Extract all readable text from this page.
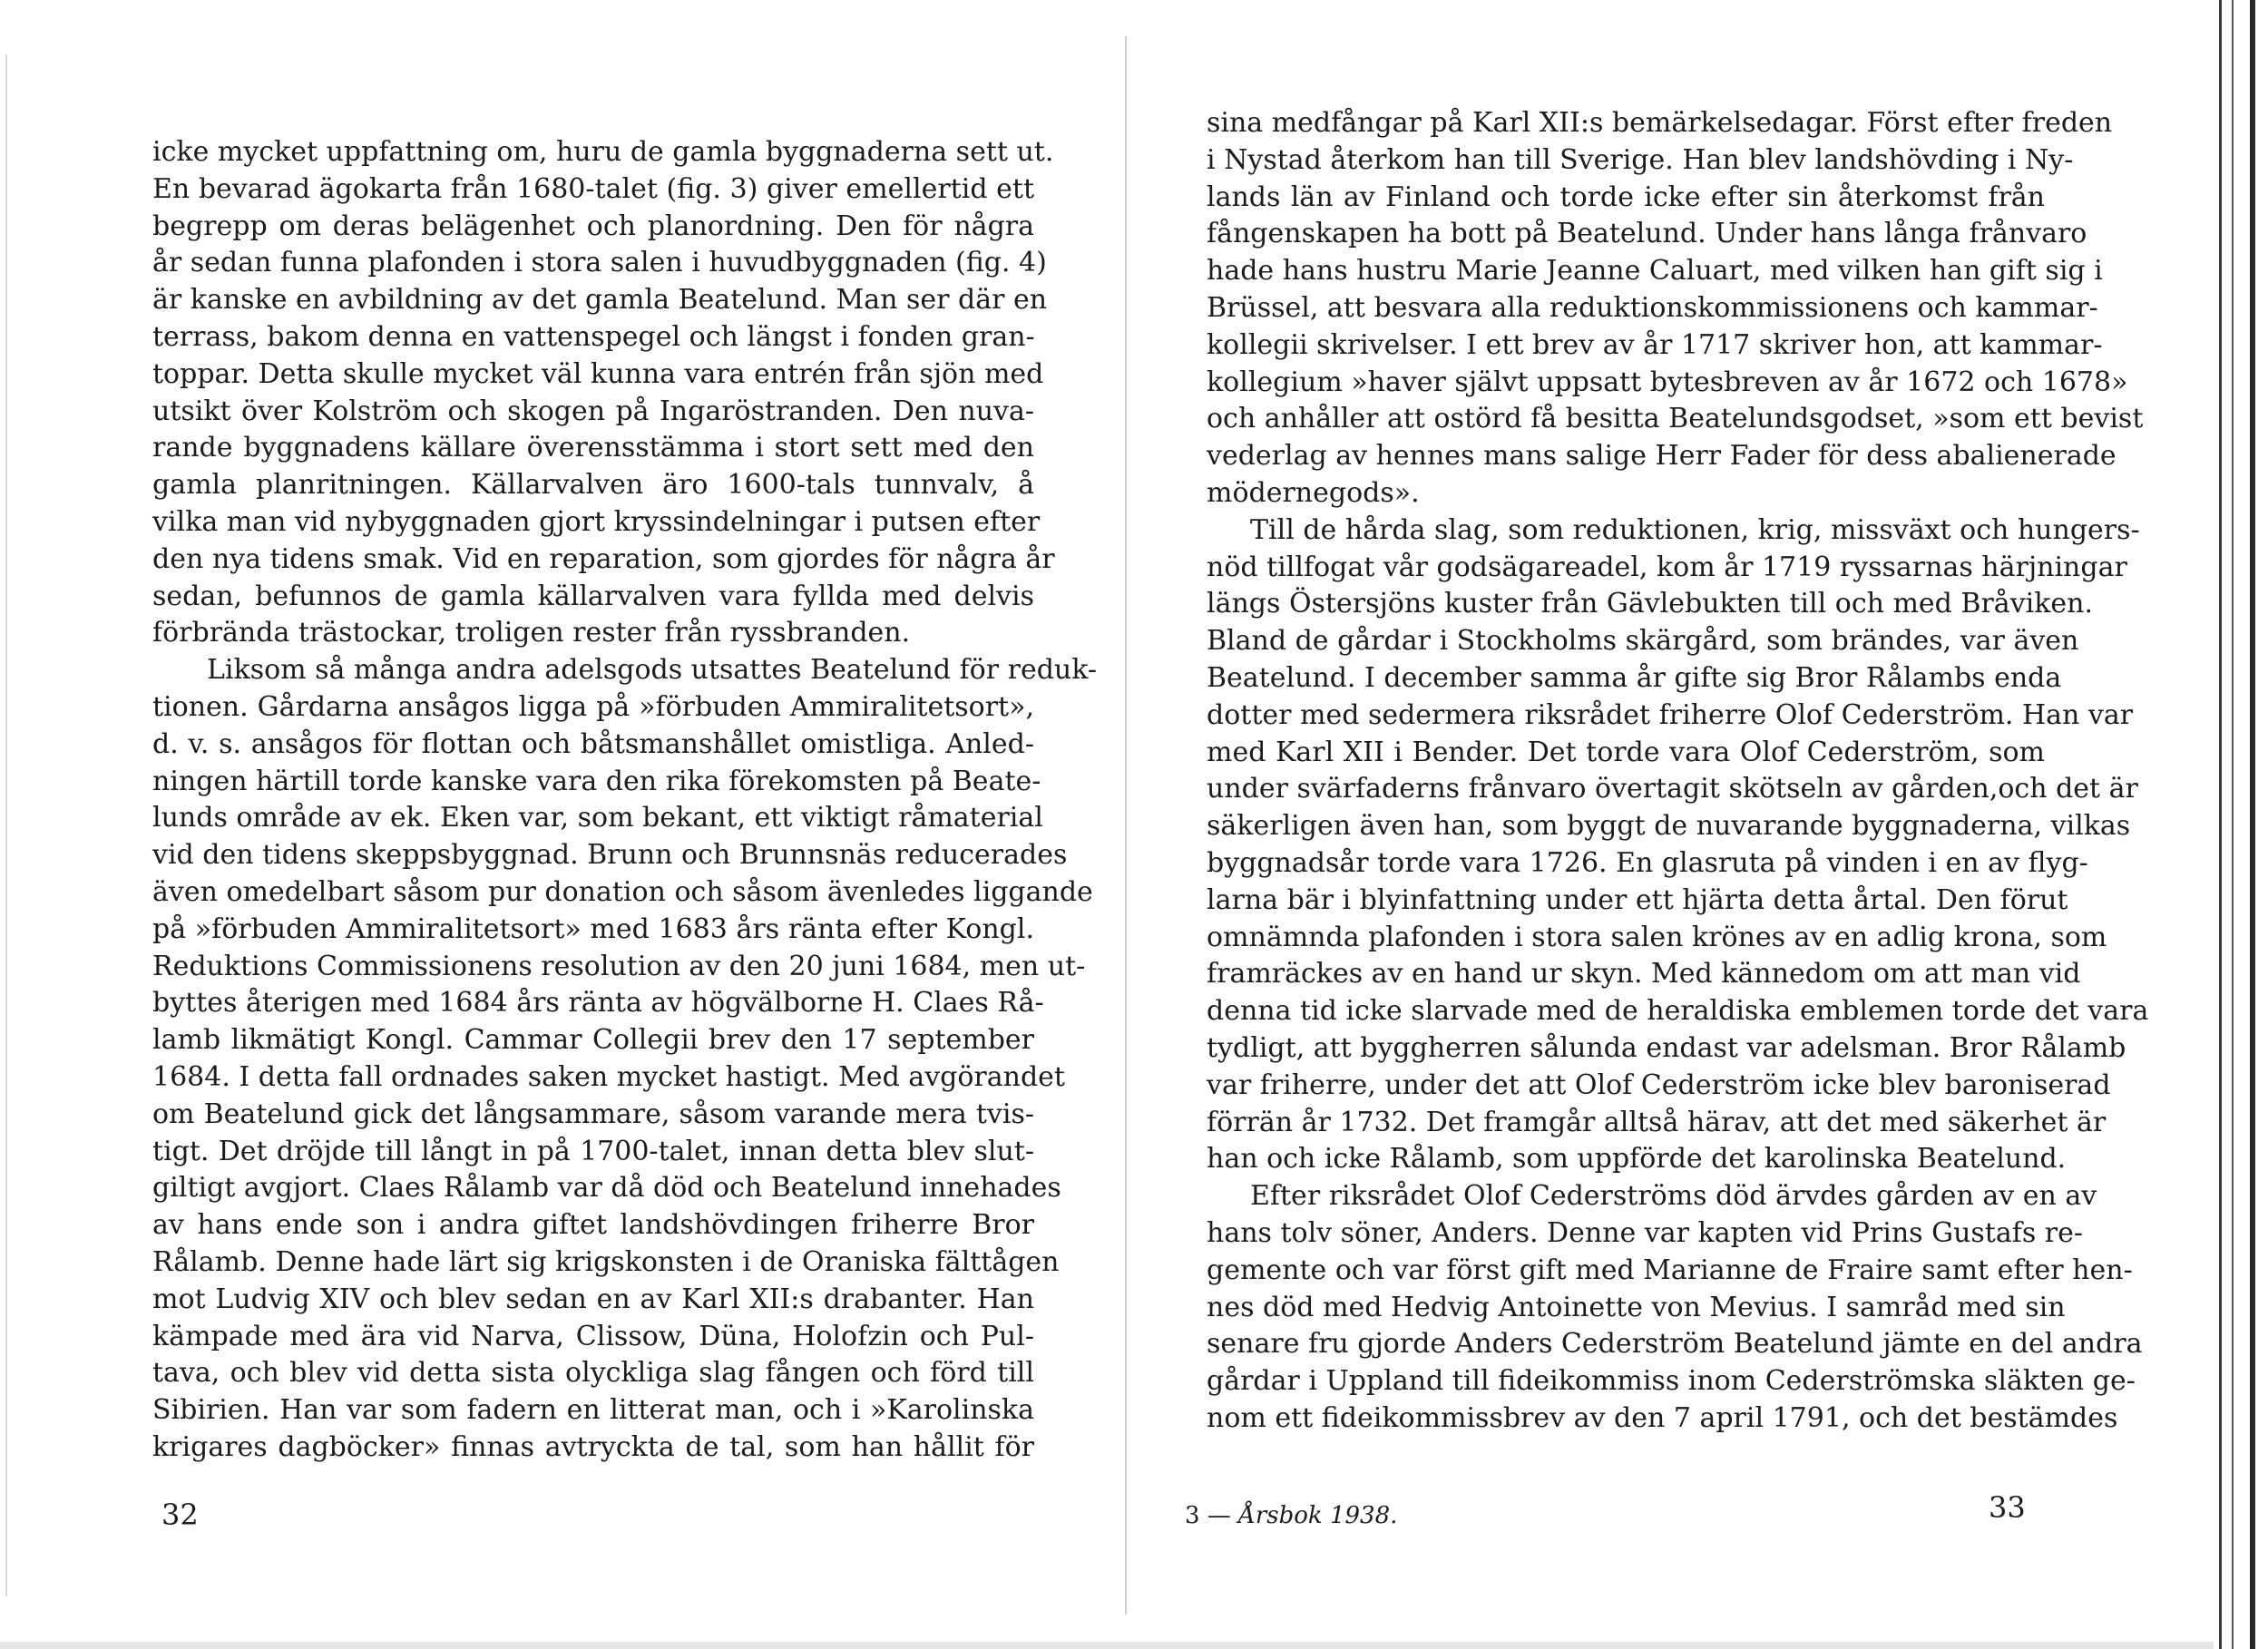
icke mycket uppfattning om, huru de gamla byggnaderna sett ut.
En bevarad ägokarta från 1680-talet (fig. 3) giver emellertid ett
begrepp om deras belägenhet och planordning. Den för några
år sedan funna plafonden i stora salen i huvudbyggnaden (fig. 4)
är kanske en avbildning av det gamla Beatelund. Man ser där en
terrass, bakom denna en vattenspegel och längst i fonden gran-
toppar. Detta skulle mycket väl kunna vara entrén från sjön med
utsikt över Kolström och skogen på Ingaröstranden. Den nuva-
rande byggnadens källare överensstämma i stort sett med den
gamla planritningen. Källarvalven äro 1600-tals tunnvalv, å
vilka man vid nybyggnaden gjort kryssindelningar i putsen efter
den nya tidens smak. Vid en reparation, som gjordes för några år
sedan, befunnos de gamla källarvalven vara fyllda med delvis
förbrända trästockar, troligen rester från ryssbranden.
Liksom så många andra adelsgods utsattes Beatelund för reduk-
tionen. Gårdarna ansågos ligga på »förbuden Ammiralitetsort»,
d. v. s. ansågos för flottan och båtsmanshållet omistliga. Anled-
ningen härtill torde kanske vara den rika förekomsten på Beate-
lunds område av ek. Eken var, som bekant, ett viktigt råmaterial
vid den tidens skeppsbyggnad. Brunn och Brunnsnäs reducerades
även omedelbart såsom pur donation och såsom ävenledes liggande
på »förbuden Ammiralitetsort» med 1683 års ränta efter Kongl.
Reduktions Commissionens resolution av den 20 juni 1684, men ut-
byttes återigen med 1684 års ränta av högvälborne H. Claes Rå-
lamb likmätigt Kongl. Cammar Collegii brev den 17 september
1684. I detta fall ordnades saken mycket hastigt. Med avgörandet
om Beatelund gick det långsammare, såsom varande mera tvis-
tigt. Det dröjde till långt in på 1700-talet, innan detta blev slut-
giltigt avgjort. Claes Rålamb var då död och Beatelund innehades
av hans ende son i andra giftet landshövdingen friherre Bror
Rålamb. Denne hade lärt sig krigskonsten i de Oraniska fälttågen
mot Ludvig XIV och blev sedan en av Karl XII:s drabanter. Han
kämpade med ära vid Narva, Clissow, Düna, Holofzin och Pul-
tava, och blev vid detta sista olyckliga slag fången och förd till
Sibirien. Han var som fadern en litterat man, och i »Karolinska
krigares dagböcker» finnas avtryckta de tal, som han hållit för
32
sina medfångar på Karl XII:s bemärkelsedagar. Först efter freden
i Nystad återkom han till Sverige. Han blev landshövding i Ny-
lands län av Finland och torde icke efter sin återkomst från
fångenskapen ha bott på Beatelund. Under hans långa frånvaro
hade hans hustru Marie Jeanne Caluart, med vilken han gift sig i
Brüssel, att besvara alla reduktionskommissionens och kammar-
kollegii skrivelser. I ett brev av år 1717 skriver hon, att kammar-
kollegium »haver självt uppsatt bytesbreven av år 1672 och 1678»
och anhåller att ostörd få besitta Beatelundsgodset, »som ett bevist
vederlag av hennes mans salige Herr Fader för dess abalienerade
mödernegods».
Till de hårda slag, som reduktionen, krig, missväxt och hungers-
nöd tillfogat vår godsägareadel, kom år 1719 ryssarnas härjningar
längs Östersjöns kuster från Gävlebukten till och med Bråviken.
Bland de gårdar i Stockholms skärgård, som brändes, var även
Beatelund. I december samma år gifte sig Bror Rålambs enda
dotter med sedermera riksrådet friherre Olof Cederström. Han var
med Karl XII i Bender. Det torde vara Olof Cederström, som
under svärfaderns frånvaro övertagit skötseln av gården,och det är
säkerligen även han, som byggt de nuvarande byggnaderna, vilkas
byggnadsår torde vara 1726. En glasruta på vinden i en av flyg-
larna bär i blyinfattning under ett hjärta detta årtal. Den förut
omnämnda plafonden i stora salen krönes av en adlig krona, som
framräckes av en hand ur skyn. Med kännedom om att man vid
denna tid icke slarvade med de heraldiska emblemen torde det vara
tydligt, att byggherren sålunda endast var adelsman. Bror Rålamb
var friherre, under det att Olof Cederström icke blev baroniserad
förrän år 1732. Det framgår alltså härav, att det med säkerhet är
han och icke Rålamb, som uppförde det karolinska Beatelund.
Efter riksrådet Olof Cederströms död ärvdes gården av en av
hans tolv söner, Anders. Denne var kapten vid Prins Gustafs re-
gemente och var först gift med Marianne de Fraire samt efter hen-
nes död med Hedvig Antoinette von Mevius. I samråd med sin
senare fru gjorde Anders Cederström Beatelund jämte en del andra
gårdar i Uppland till fideikommiss inom Cederströmska släkten ge-
nom ett fideikommissbrev av den 7 april 1791, och det bestämdes
3 — Årsbok 1938.	33
